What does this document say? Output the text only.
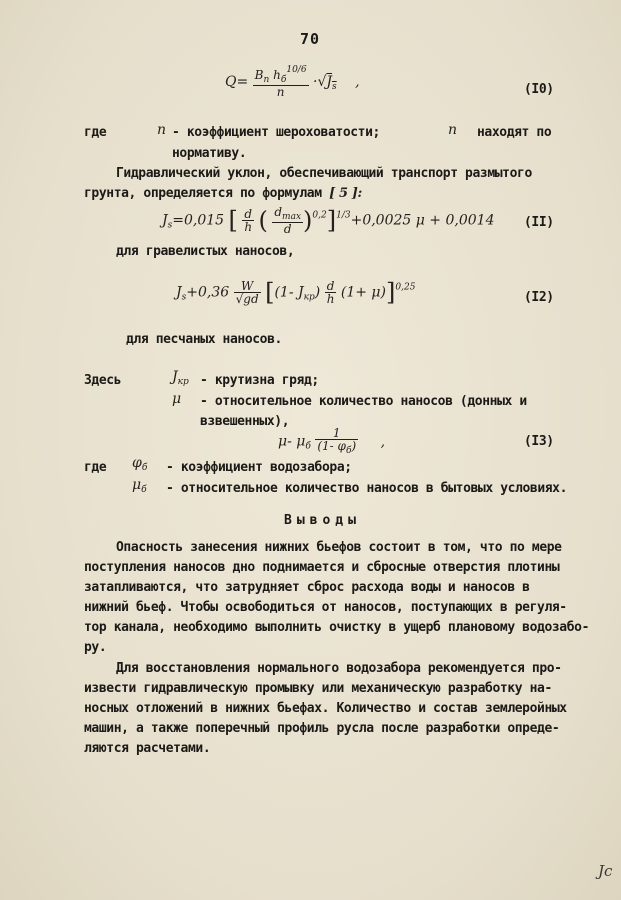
70
$Q= \frac{B_n h_б^{10/6}}{n} \cdot√J_s$ ,	(I0)
где	n - коэффициент шероховатости;	n находят по
нормативу.
Гидравлический уклон, обеспечивающий транспорт размытого
грунта, определяется по формулам [ 5 ]:
$J_s=0,015$ [ $\frac{d}{h}$ ( $\frac{d_{max}}{d} )^{0,2}]^{1/3}+0,0025$ μ + 0,0014 (II)
для гравелистых наносов,
$J_s+0,36 \frac{W}{√gd} [(1-$ $J_{кр}) \frac{d}{h} (1+ \mu)]^{0,25}$
(I2)
для песчаных наносов.
Здесь	$J_{кр}$ - крутизна гряд;
μ - относительное количество наносов (донных и
взвешенных),
μ- $\mu_б \frac{1}{(1- \varphi_б)}$ ,	(I3)
где $\varphi_б$ - коэффициент водозабора;
$\mu_б$ - относительное количество наносов в бытовых условиях.
Выводы
Опасность занесения нижних бьефов состоит в том, что по мере
поступления наносов дно поднимается и сбросные отверстия плотины
затапливаются, что затрудняет сброс расхода воды и наносов в
нижний бьеф. Чтобы освободиться от наносов, поступающих в регуля-
тор канала, необходимо выполнить очистку в ущерб плановому водозабо-
ру.
Для восстановления нормального водозабора рекомендуется про-
извести гидравлическую промывку или механическую разработку на-
носных отложений в нижних бьефах. Количество и состав землеройных
машин, а также поперечный профиль русла после разработки опреде-
ляются расчетами.
Jc
